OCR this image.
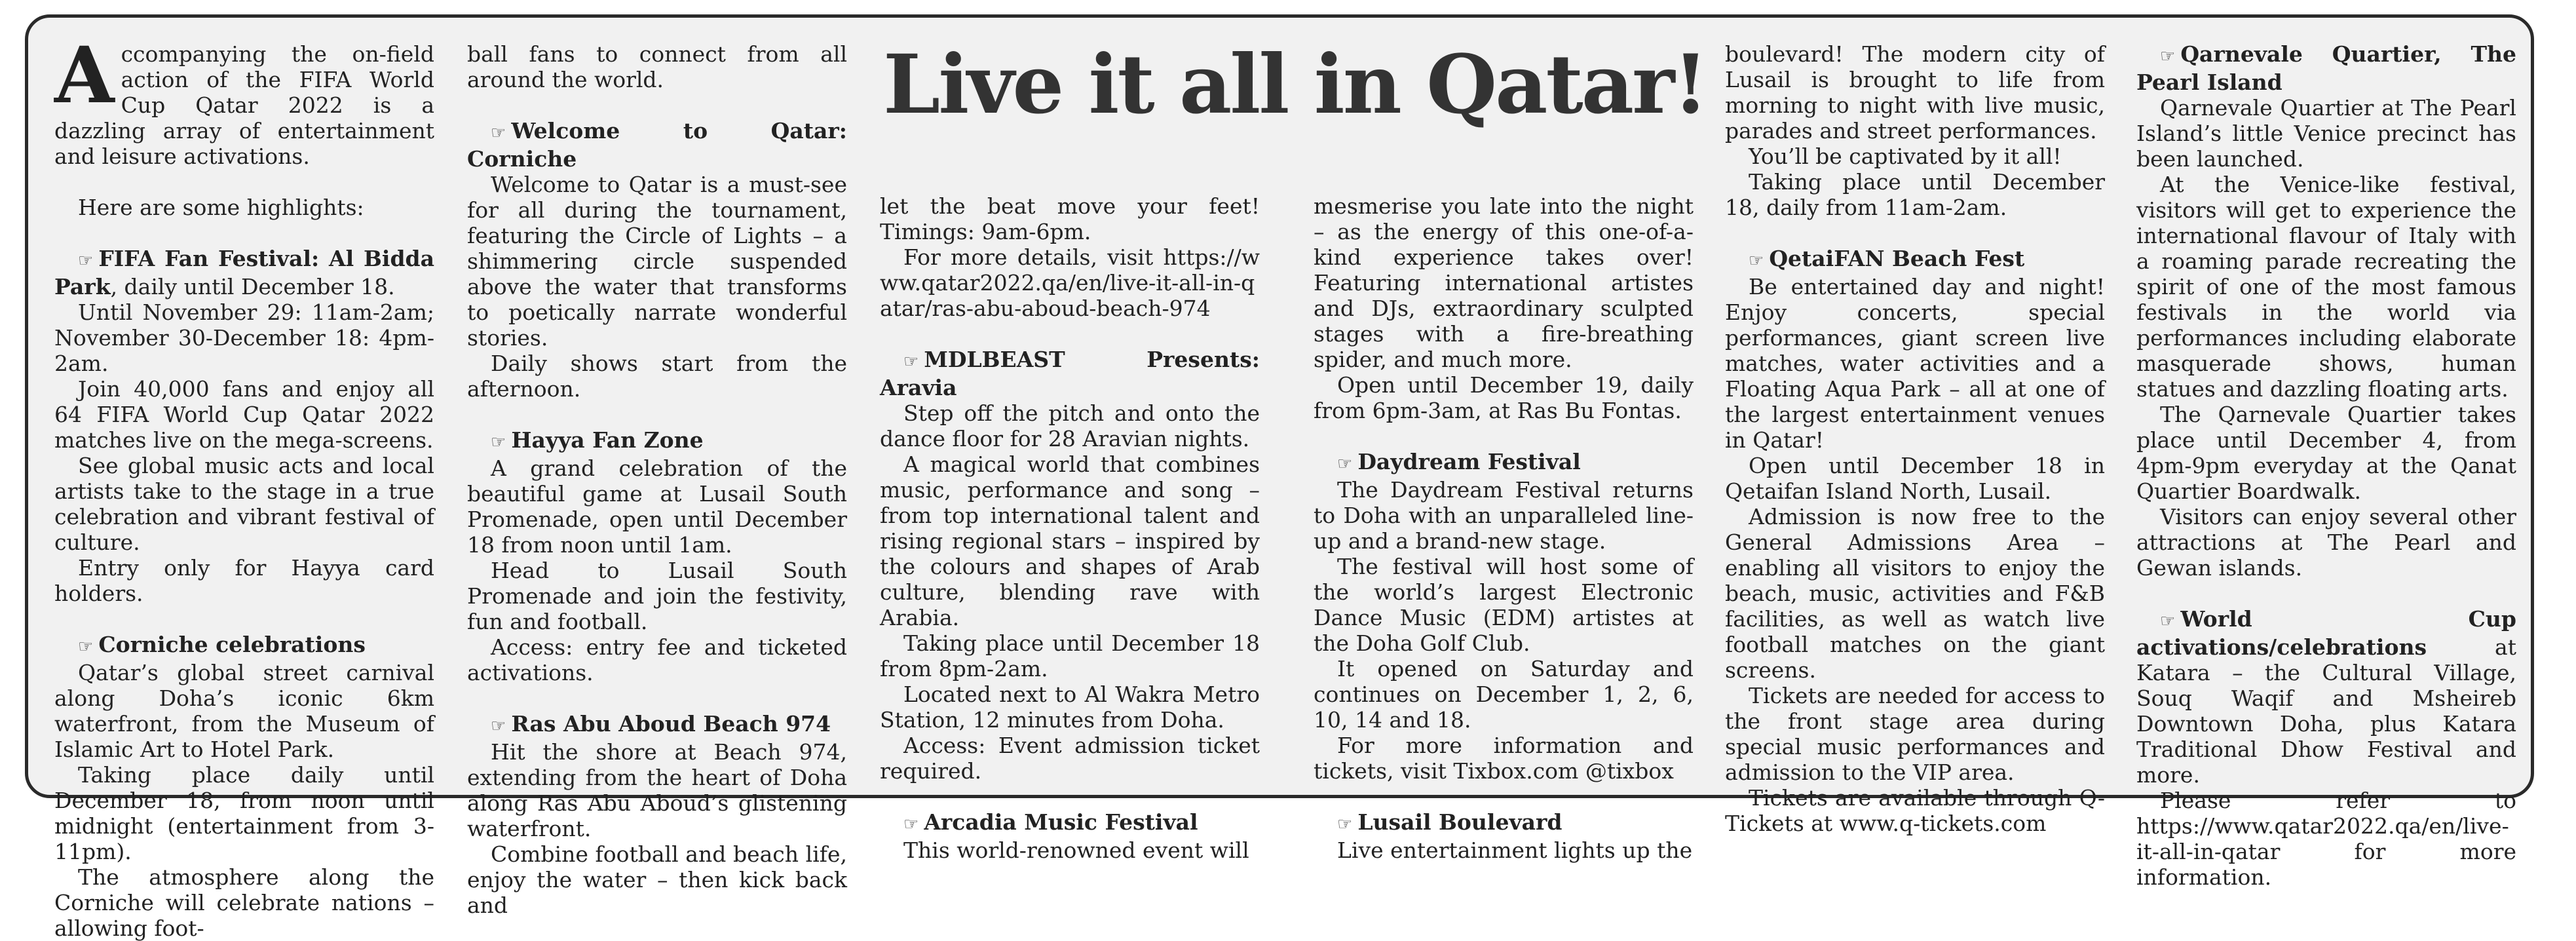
Accompanying the on-field action of the FIFA World Cup Qatar 2022 is a dazzling array of entertainment and leisure activations.

Here are some highlights:

☞ FIFA Fan Festival: Al Bidda Park, daily until December 18.

Until November 29: 11am-2am; November 30-December 18: 4pm-2am.

Join 40,000 fans and enjoy all 64 FIFA World Cup Qatar 2022 matches live on the mega-screens.

See global music acts and local artists take to the stage in a true celebration and vibrant festival of culture.

Entry only for Hayya card holders.

☞ Corniche celebrations

Qatar’s global street carnival along Doha’s iconic 6km waterfront, from the Museum of Islamic Art to Hotel Park.

Taking place daily until December 18, from noon until midnight (entertainment from 3-11pm).

The atmosphere along the Corniche will celebrate nations – allowing foot-

ball fans to connect from all around the world.

☞ Welcome to Qatar: Corniche

Welcome to Qatar is a must-see for all during the tournament, featuring the Circle of Lights – a shimmering circle suspended above the water that transforms to poetically narrate wonderful stories.

Daily shows start from the afternoon.

☞ Hayya Fan Zone

A grand celebration of the beautiful game at Lusail South Promenade, open until December 18 from noon until 1am.

Head to Lusail South Promenade and join the festivity, fun and football.

Access: entry fee and ticketed activations.

☞ Ras Abu Aboud Beach 974

Hit the shore at Beach 974, extending from the heart of Doha along Ras Abu Aboud’s glistening waterfront.

Combine football and beach life, enjoy the water – then kick back and

Live it all in Qatar!

let the beat move your feet! Timings: 9am-6pm.

For more details, visit https://www.qatar2022.qa/en/live-it-all-in-qatar/ras-abu-aboud-beach-974

☞ MDLBEAST Presents: Aravia

Step off the pitch and onto the dance floor for 28 Aravian nights.

A magical world that combines music, performance and song – from top international talent and rising regional stars – inspired by the colours and shapes of Arab culture, blending rave with Arabia.

Taking place until December 18 from 8pm-2am.

Located next to Al Wakra Metro Station, 12 minutes from Doha.

Access: Event admission ticket required.

☞ Arcadia Music Festival

This world-renowned event will

mesmerise you late into the night – as the energy of this one-of-a-kind experience takes over! Featuring international artistes and DJs, extraordinary sculpted stages with a fire-breathing spider, and much more.

Open until December 19, daily from 6pm-3am, at Ras Bu Fontas.

☞ Daydream Festival

The Daydream Festival returns to Doha with an unparalleled line-up and a brand-new stage.

The festival will host some of the world’s largest Electronic Dance Music (EDM) artistes at the Doha Golf Club.

It opened on Saturday and continues on December 1, 2, 6, 10, 14 and 18.

For more information and tickets, visit Tixbox.com @tixbox

☞ Lusail Boulevard

Live entertainment lights up the

boulevard! The modern city of Lusail is brought to life from morning to night with live music, parades and street performances.

You’ll be captivated by it all!

Taking place until December 18, daily from 11am-2am.

☞ QetaiFAN Beach Fest

Be entertained day and night! Enjoy concerts, special performances, giant screen live matches, water activities and a Floating Aqua Park – all at one of the largest entertainment venues in Qatar!

Open until December 18 in Qetaifan Island North, Lusail.

Admission is now free to the General Admissions Area – enabling all visitors to enjoy the beach, music, activities and F&B facilities, as well as watch live football matches on the giant screens.

Tickets are needed for access to the front stage area during special music performances and admission to the VIP area.

Tickets are available through Q-Tickets at www.q-tickets.com

☞ Qarnevale Quartier, The Pearl Island

Qarnevale Quartier at The Pearl Island’s little Venice precinct has been launched.

At the Venice-like festival, visitors will get to experience the international flavour of Italy with a roaming parade recreating the spirit of one of the most famous festivals in the world via performances including elaborate masquerade shows, human statues and dazzling floating arts.

The Qarnevale Quartier takes place until December 4, from 4pm-9pm everyday at the Qanat Quartier Boardwalk.

Visitors can enjoy several other attractions at The Pearl and Gewan islands.

☞ World Cup activations/celebrations at Katara – the Cultural Village, Souq Waqif and Msheireb Downtown Doha, plus Katara Traditional Dhow Festival and more.

Please refer to https://www.qatar2022.qa/en/live-it-all-in-qatar for more information.
